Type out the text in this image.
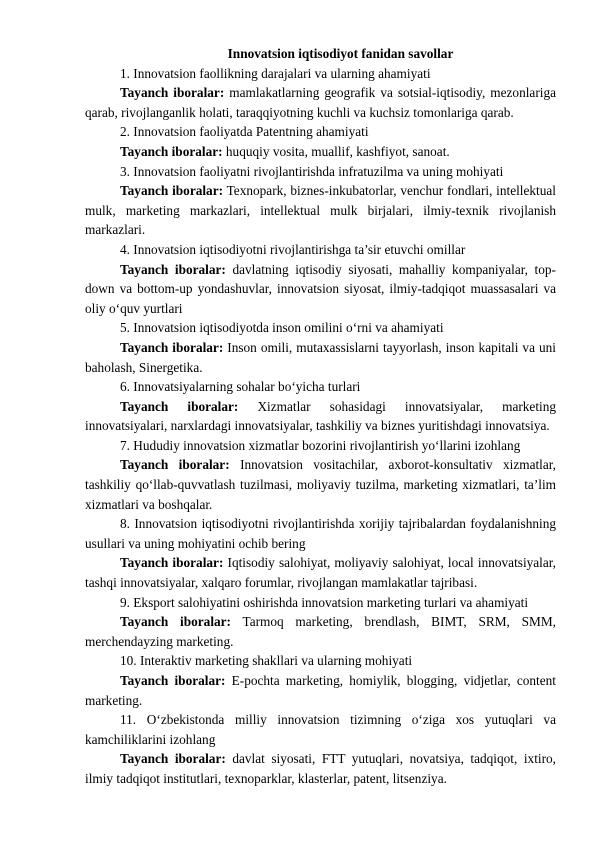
Innovatsion iqtisodiyot fanidan savollar

1. Innovatsion faollikning darajalari va ularning ahamiyati

Tayanch iboralar: mamlakatlarning geografik va sotsial-iqtisodiy, mezonlariga qarab, rivojlanganlik holati, taraqqiyotning kuchli va kuchsiz tomonlariga qarab.

2. Innovatsion faoliyatda Patentning ahamiyati

Tayanch iboralar: huquqiy vosita, muallif, kashfiyot, sanoat.

3. Innovatsion faoliyatni rivojlantirishda infratuzilma va uning mohiyati

Tayanch iboralar: Texnopark, biznes-inkubatorlar, venchur fondlari, intellektual mulk, marketing markazlari, intellektual mulk birjalari, ilmiy-texnik rivojlanish markazlari.

4. Innovatsion iqtisodiyotni rivojlantirishga ta’sir etuvchi omillar

Tayanch iboralar: davlatning iqtisodiy siyosati, mahalliy kompaniyalar, top-down va bottom-up yondashuvlar, innovatsion siyosat, ilmiy-tadqiqot muassasalari va oliy o‘quv yurtlari

5. Innovatsion iqtisodiyotda inson omilini o‘rni va ahamiyati

Tayanch iboralar: Inson omili, mutaxassislarni tayyorlash, inson kapitali va uni baholash, Sinergetika.

6. Innovatsiyalarning sohalar bo‘yicha turlari

Tayanch iboralar: Xizmatlar sohasidagi innovatsiyalar, marketing innovatsiyalari, narxlardagi innovatsiyalar, tashkiliy va biznes yuritishdagi innovatsiya.

7. Hududiy innovatsion xizmatlar bozorini rivojlantirish yo‘llarini izohlang

Tayanch iboralar: Innovatsion vositachilar, axborot-konsultativ xizmatlar, tashkiliy qo‘llab-quvvatlash tuzilmasi, moliyaviy tuzilma, marketing xizmatlari, ta’lim xizmatlari va boshqalar.

8. Innovatsion iqtisodiyotni rivojlantirishda xorijiy tajribalardan foydalanishning usullari va uning mohiyatini ochib bering

Tayanch iboralar: Iqtisodiy salohiyat, moliyaviy salohiyat, local innovatsiyalar, tashqi innovatsiyalar, xalqaro forumlar, rivojlangan mamlakatlar tajribasi.

9. Eksport salohiyatini oshirishda innovatsion marketing turlari va ahamiyati

Tayanch iboralar: Tarmoq marketing, brendlash, BIMT, SRM, SMM, merchendayzing marketing.

10. Interaktiv marketing shakllari va ularning mohiyati

Tayanch iboralar: E-pochta marketing, homiylik, blogging, vidjetlar, content marketing.

11. O‘zbekistonda milliy innovatsion tizimning o‘ziga xos yutuqlari va kamchiliklarini izohlang

Tayanch iboralar: davlat siyosati, FTT yutuqlari, novatsiya, tadqiqot, ixtiro, ilmiy tadqiqot institutlari, texnoparklar, klasterlar, patent, litsenziya.
